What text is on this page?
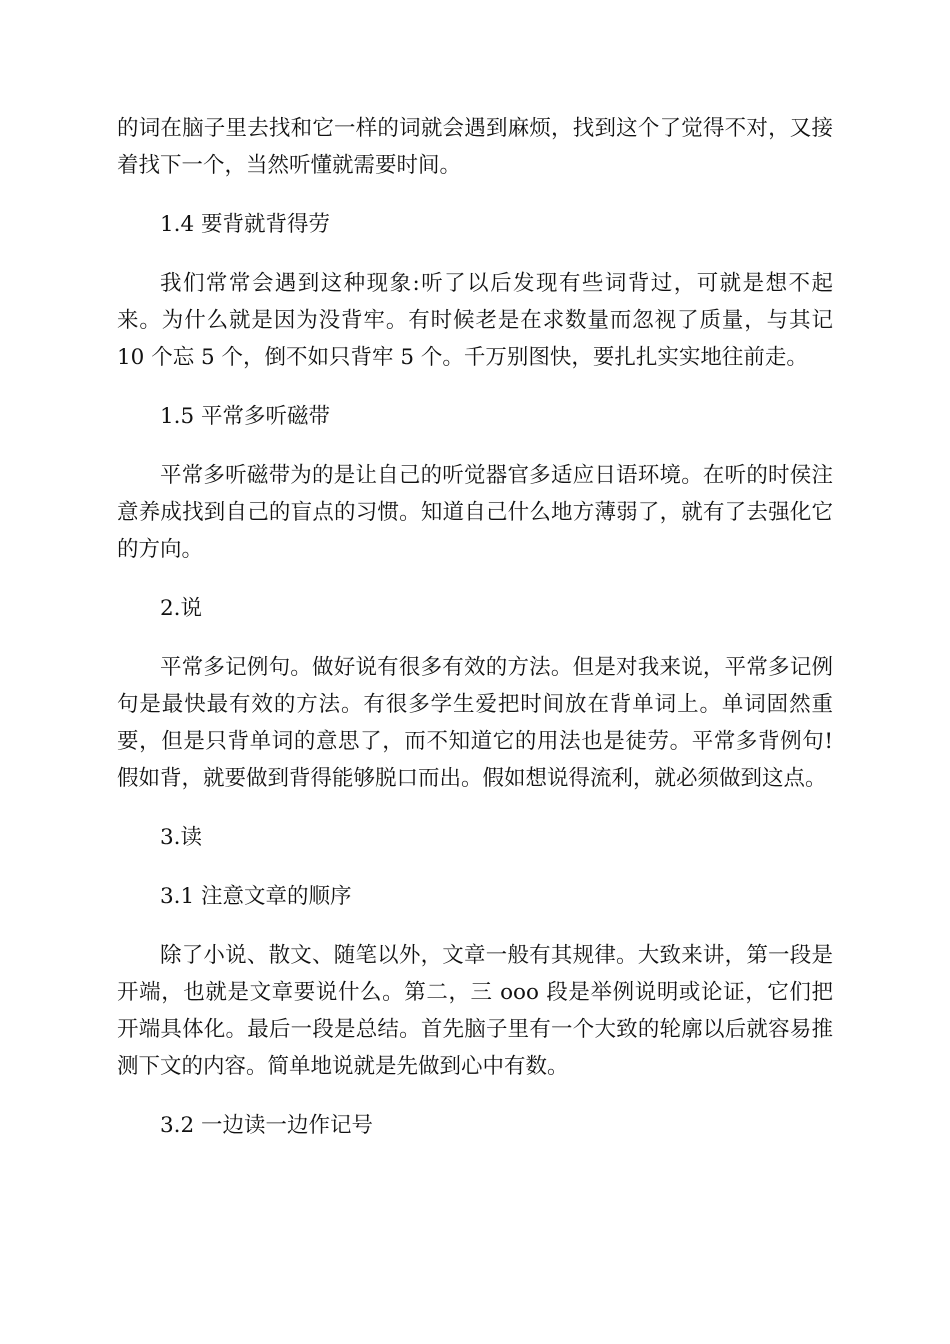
的词在脑子里去找和它一样的词就会遇到麻烦，找到这个了觉得不对，又接着找下一个，当然听懂就需要时间。

1.4 要背就背得劳

我们常常会遇到这种现象:听了以后发现有些词背过，可就是想不起来。为什么就是因为没背牢。有时候老是在求数量而忽视了质量，与其记 10 个忘 5 个，倒不如只背牢 5 个。千万别图快，要扎扎实实地往前走。

1.5 平常多听磁带

平常多听磁带为的是让自己的听觉器官多适应日语环境。在听的时侯注意养成找到自己的盲点的习惯。知道自己什么地方薄弱了，就有了去强化它的方向。

2.说

平常多记例句。做好说有很多有效的方法。但是对我来说，平常多记例句是最快最有效的方法。有很多学生爱把时间放在背单词上。单词固然重要，但是只背单词的意思了，而不知道它的用法也是徒劳。平常多背例句!假如背，就要做到背得能够脱口而出。假如想说得流利，就必须做到这点。

3.读

3.1 注意文章的顺序

除了小说、散文、随笔以外，文章一般有其规律。大致来讲，第一段是开端，也就是文章要说什么。第二，三 ooo 段是举例说明或论证，它们把开端具体化。最后一段是总结。首先脑子里有一个大致的轮廓以后就容易推测下文的内容。简单地说就是先做到心中有数。

3.2 一边读一边作记号
